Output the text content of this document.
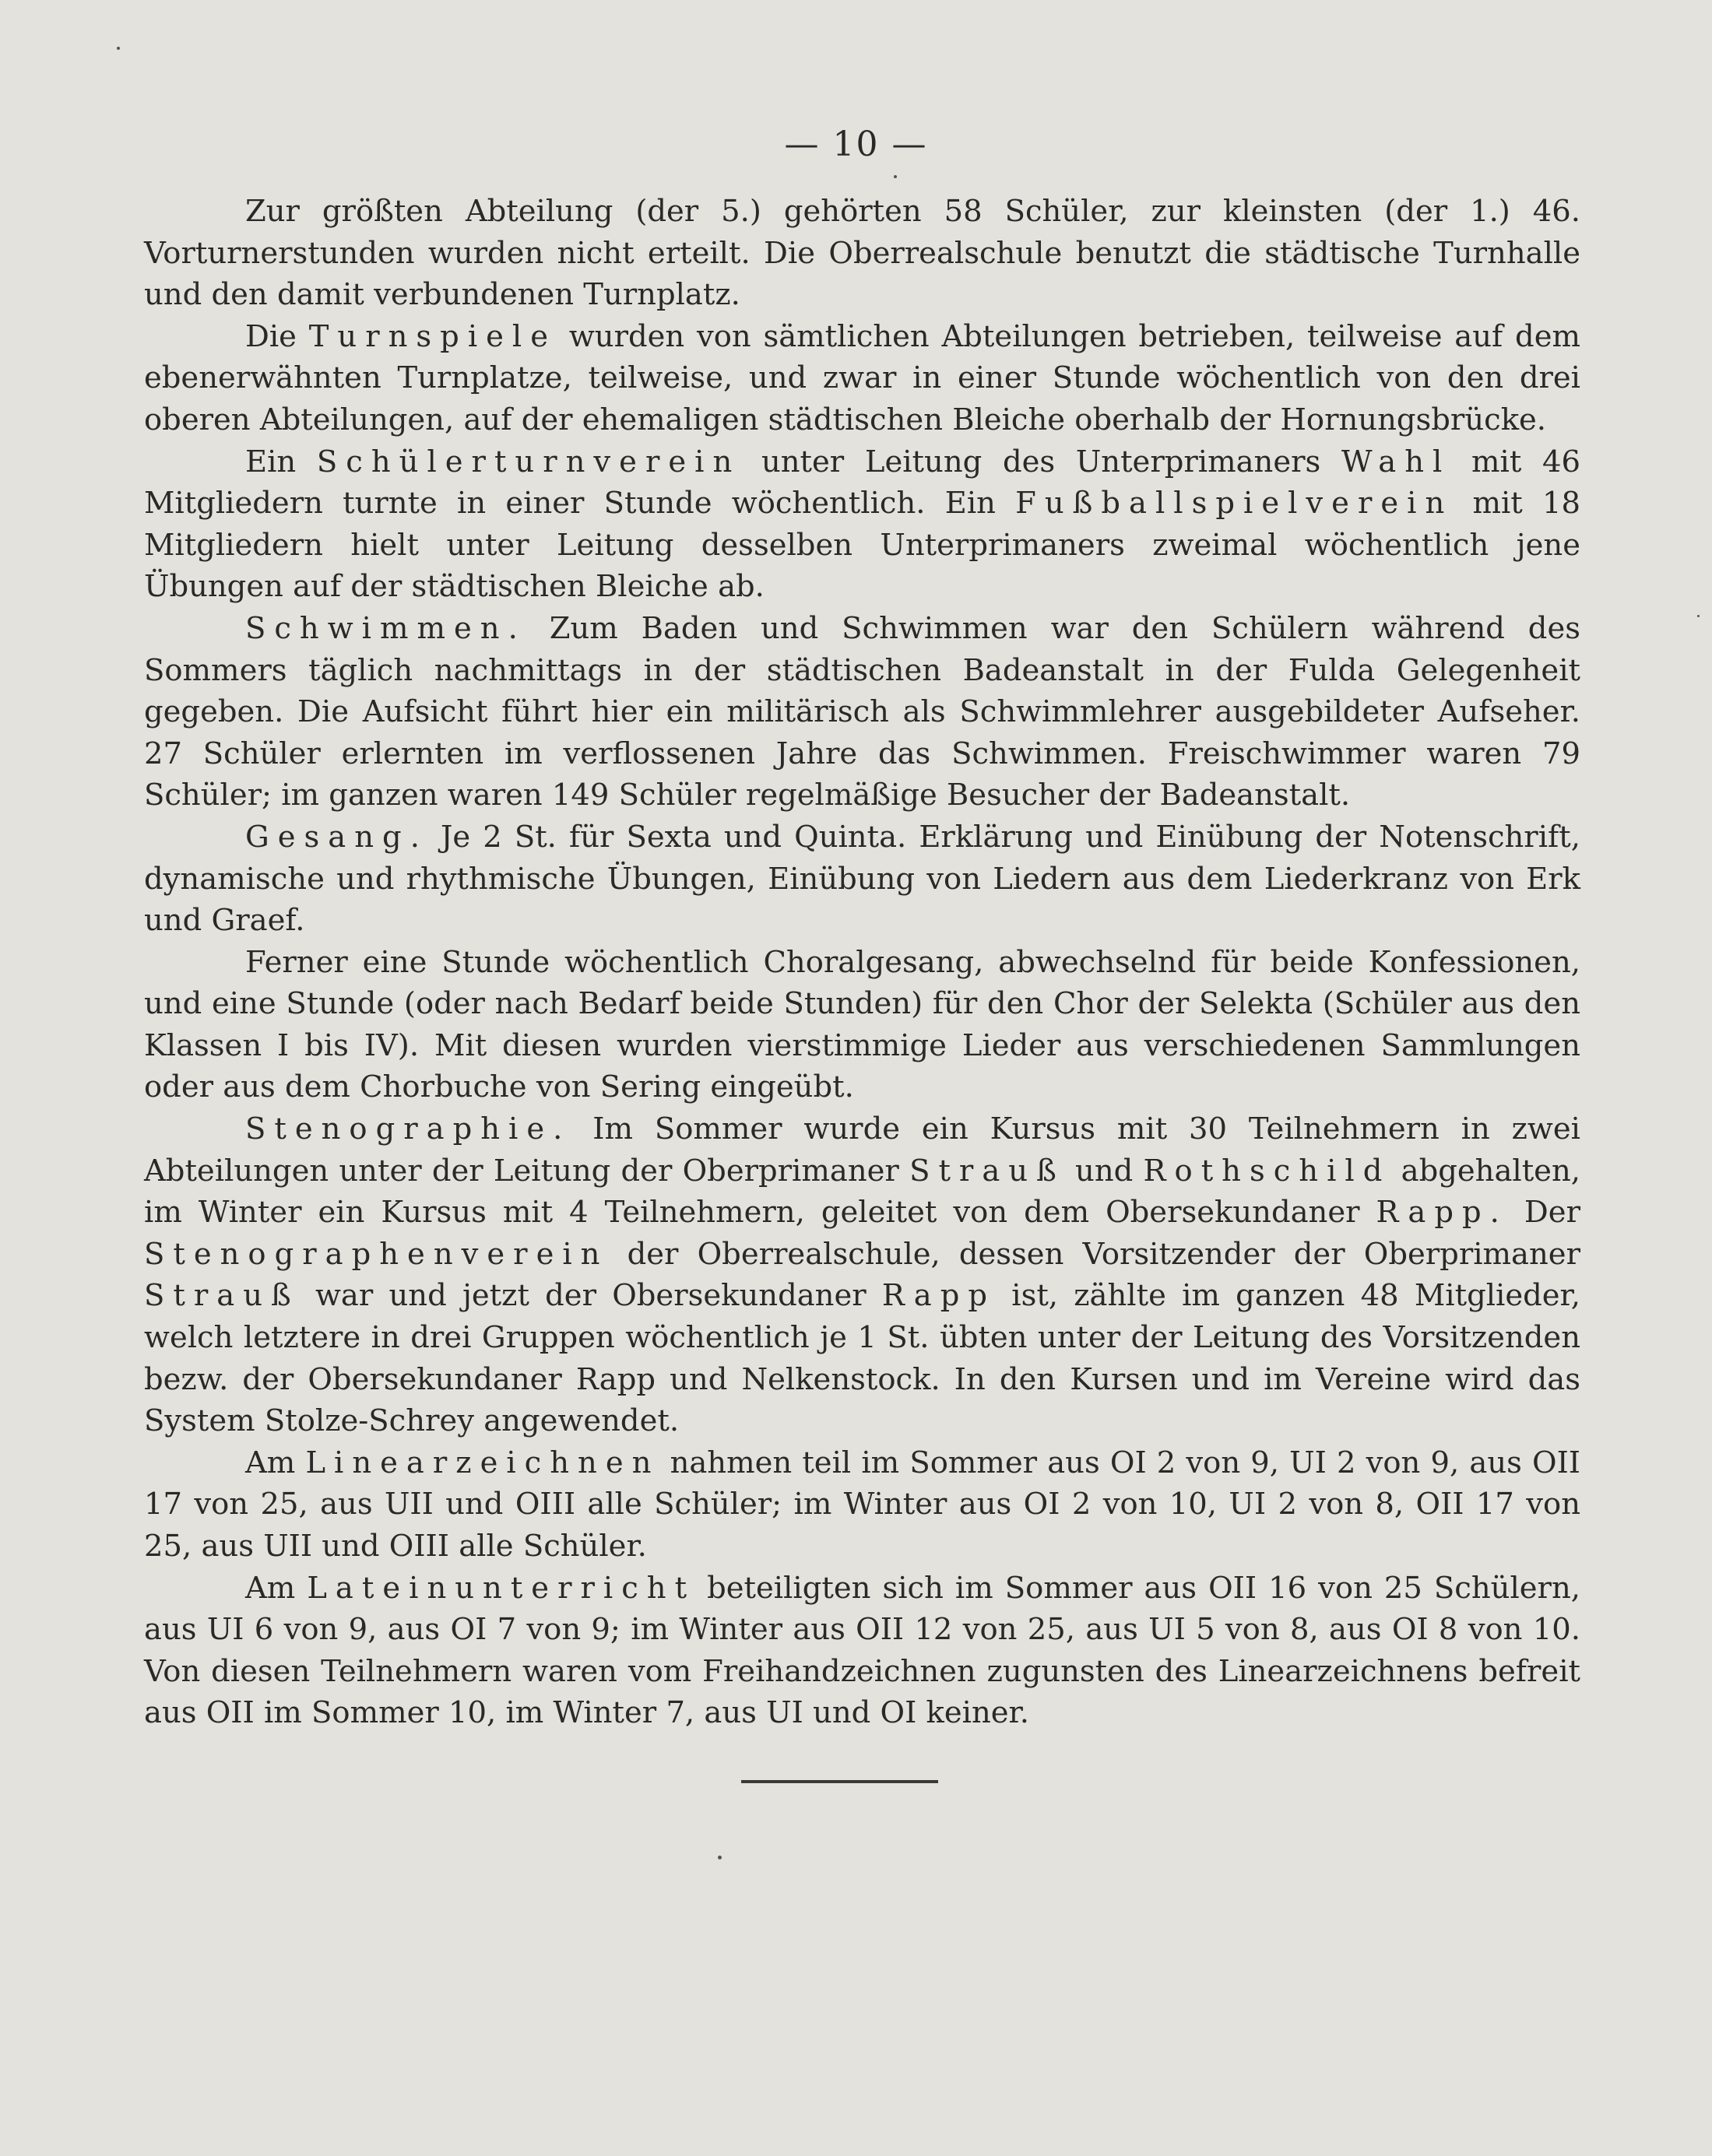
— 10 —

Zur größten Abteilung (der 5.) gehörten 58 Schüler, zur kleinsten (der 1.) 46. Vorturnerstunden wurden nicht erteilt. Die Oberrealschule benutzt die städtische Turnhalle und den damit verbundenen Turnplatz.

Die Turnspiele wurden von sämtlichen Abteilungen betrieben, teilweise auf dem ebenerwähnten Turnplatze, teilweise, und zwar in einer Stunde wöchentlich von den drei oberen Abteilungen, auf der ehemaligen städtischen Bleiche oberhalb der Hornungsbrücke.

Ein Schülerturnverein unter Leitung des Unterprimaners Wahl mit 46 Mitgliedern turnte in einer Stunde wöchentlich. Ein Fußballspielverein mit 18 Mitgliedern hielt unter Leitung desselben Unterprimaners zweimal wöchentlich jene Übungen auf der städtischen Bleiche ab.

Schwimmen. Zum Baden und Schwimmen war den Schülern während des Sommers täglich nachmittags in der städtischen Badeanstalt in der Fulda Gelegenheit gegeben. Die Aufsicht führt hier ein militärisch als Schwimmlehrer ausgebildeter Aufseher. 27 Schüler erlernten im verflossenen Jahre das Schwimmen. Freischwimmer waren 79 Schüler; im ganzen waren 149 Schüler regelmäßige Besucher der Badeanstalt.

Gesang. Je 2 St. für Sexta und Quinta. Erklärung und Einübung der Notenschrift, dynamische und rhythmische Übungen, Einübung von Liedern aus dem Liederkranz von Erk und Graef.

Ferner eine Stunde wöchentlich Choralgesang, abwechselnd für beide Konfessionen, und eine Stunde (oder nach Bedarf beide Stunden) für den Chor der Selekta (Schüler aus den Klassen I bis IV). Mit diesen wurden vierstimmige Lieder aus verschiedenen Sammlungen oder aus dem Chorbuche von Sering eingeübt.

Stenographie. Im Sommer wurde ein Kursus mit 30 Teilnehmern in zwei Abteilungen unter der Leitung der Oberprimaner Strauß und Rothschild abgehalten, im Winter ein Kursus mit 4 Teilnehmern, geleitet von dem Obersekundaner Rapp. Der Stenographenverein der Oberrealschule, dessen Vorsitzender der Oberprimaner Strauß war und jetzt der Obersekundaner Rapp ist, zählte im ganzen 48 Mitglieder, welch letztere in drei Gruppen wöchentlich je 1 St. übten unter der Leitung des Vorsitzenden bezw. der Obersekundaner Rapp und Nelkenstock. In den Kursen und im Vereine wird das System Stolze-Schrey angewendet.

Am Linearzeichnen nahmen teil im Sommer aus OI 2 von 9, UI 2 von 9, aus OII 17 von 25, aus UII und OIII alle Schüler; im Winter aus OI 2 von 10, UI 2 von 8, OII 17 von 25, aus UII und OIII alle Schüler.

Am Lateinunterricht beteiligten sich im Sommer aus OII 16 von 25 Schülern, aus UI 6 von 9, aus OI 7 von 9; im Winter aus OII 12 von 25, aus UI 5 von 8, aus OI 8 von 10. Von diesen Teilnehmern waren vom Freihandzeichnen zugunsten des Linearzeichnens befreit aus OII im Sommer 10, im Winter 7, aus UI und OI keiner.
